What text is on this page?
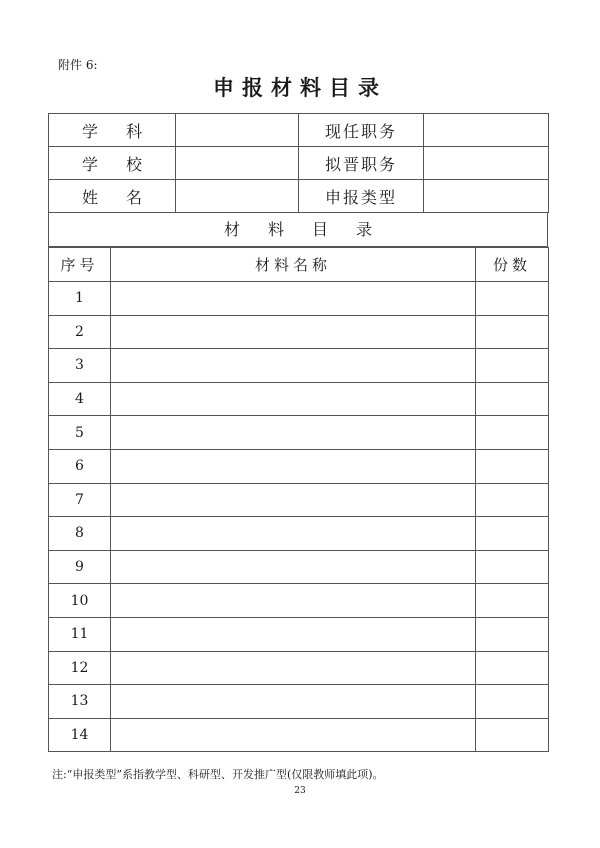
附件 6:
申报材料目录
学科		现任职务	
学校		拟晋职务	
姓名		申报类型	
材料目录
序号	材料名称	份数
1		
2		
3		
4		
5		
6		
7		
8		
9		
10		
11		
12		
13		
14		
注:“申报类型”系指教学型、科研型、开发推广型(仅限教师填此项)。
23
